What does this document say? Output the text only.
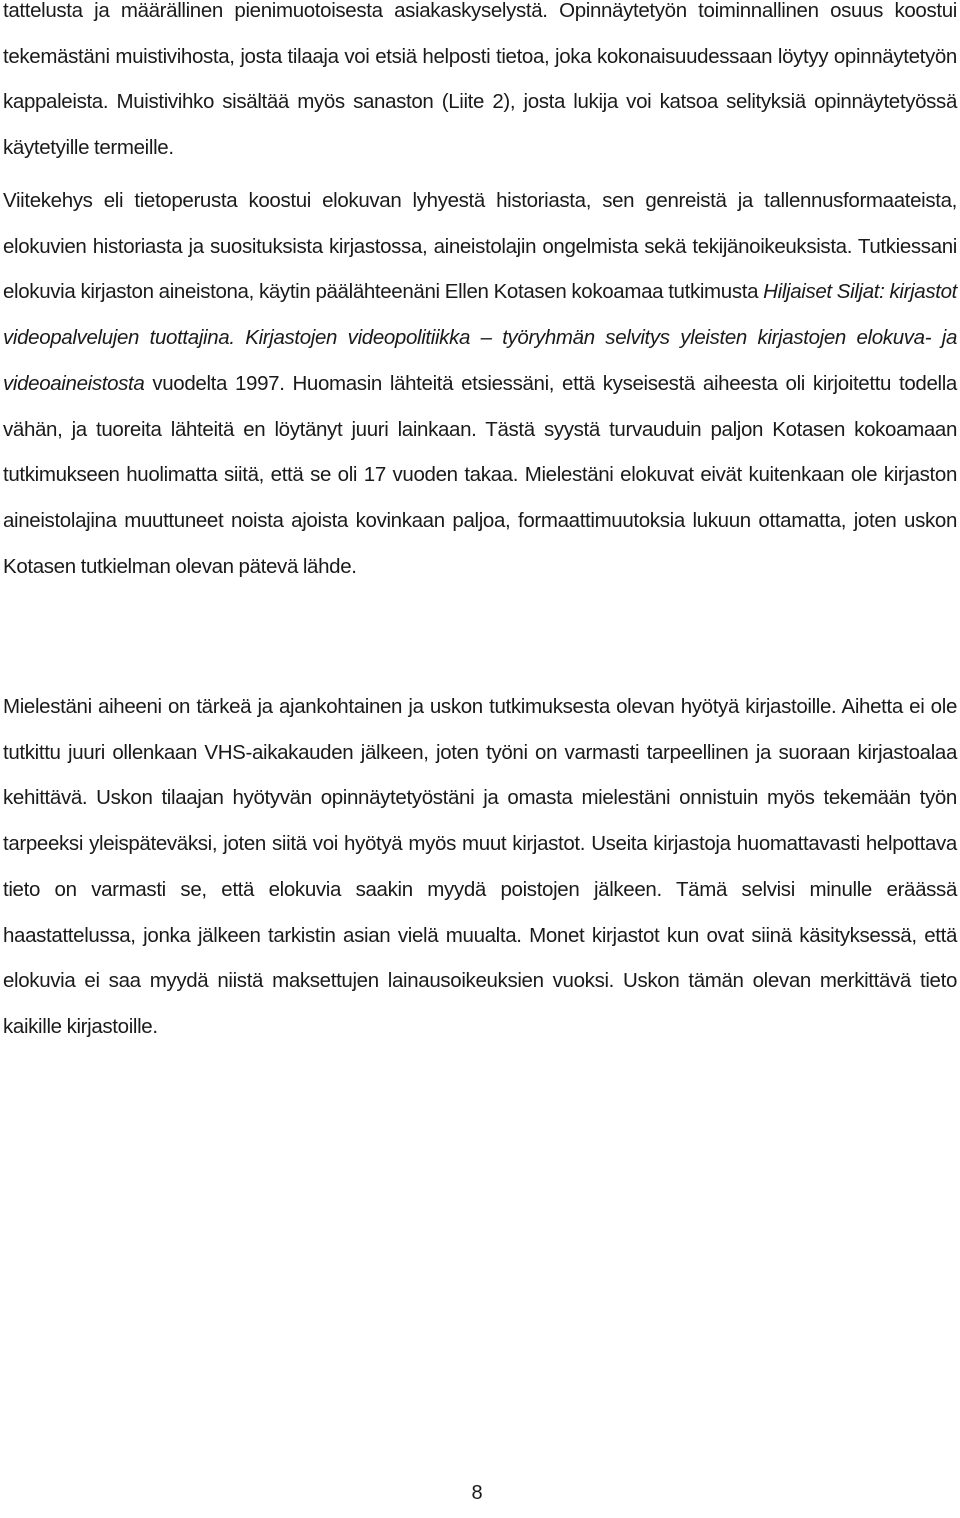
tattelusta ja määrällinen pienimuotoisesta asiakaskyselystä. Opinnäytetyön toiminnallinen osuus koostui tekemästäni muistivihosta, josta tilaaja voi etsiä helposti tietoa, joka kokonaisuudessaan löytyy opinnäytetyön kappaleista. Muistivihko sisältää myös sanaston (Liite 2), josta lukija voi katsoa selityksiä opinnäytetyössä käytetyille termeille.

Viitekehys eli tietoperusta koostui elokuvan lyhyestä historiasta, sen genreistä ja tallennusformaateista, elokuvien historiasta ja suosituksista kirjastossa, aineistolajin ongelmista sekä tekijänoikeuksista. Tutkiessani elokuvia kirjaston aineistona, käytin päälähteenäni Ellen Kotasen kokoamaa tutkimusta Hiljaiset Siljat: kirjastot videopalvelujen tuottajina. Kirjastojen videopolitiikka – työryhmän selvitys yleisten kirjastojen elokuva- ja videoaineistosta vuodelta 1997. Huomasin lähteitä etsiessäni, että kyseisestä aiheesta oli kirjoitettu todella vähän, ja tuoreita lähteitä en löytänyt juuri lainkaan. Tästä syystä turvauduin paljon Kotasen kokoamaan tutkimukseen huolimatta siitä, että se oli 17 vuoden takaa. Mielestäni elokuvat eivät kuitenkaan ole kirjaston aineistolajina muuttuneet noista ajoista kovinkaan paljoa, formaattimuutoksia lukuun ottamatta, joten uskon Kotasen tutkielman olevan pätevä lähde.

Mielestäni aiheeni on tärkeä ja ajankohtainen ja uskon tutkimuksesta olevan hyötyä kirjastoille. Aihetta ei ole tutkittu juuri ollenkaan VHS-aikakauden jälkeen, joten työni on varmasti tarpeellinen ja suoraan kirjastoalaa kehittävä. Uskon tilaajan hyötyvän opinnäytetyöstäni ja omasta mielestäni onnistuin myös tekemään työn tarpeeksi yleispäteväksi, joten siitä voi hyötyä myös muut kirjastot. Useita kirjastoja huomattavasti helpottava tieto on varmasti se, että elokuvia saakin myydä poistojen jälkeen. Tämä selvisi minulle eräässä haastattelussa, jonka jälkeen tarkistin asian vielä muualta. Monet kirjastot kun ovat siinä käsityksessä, että elokuvia ei saa myydä niistä maksettujen lainausoikeuksien vuoksi. Uskon tämän olevan merkittävä tieto kaikille kirjastoille.

8
